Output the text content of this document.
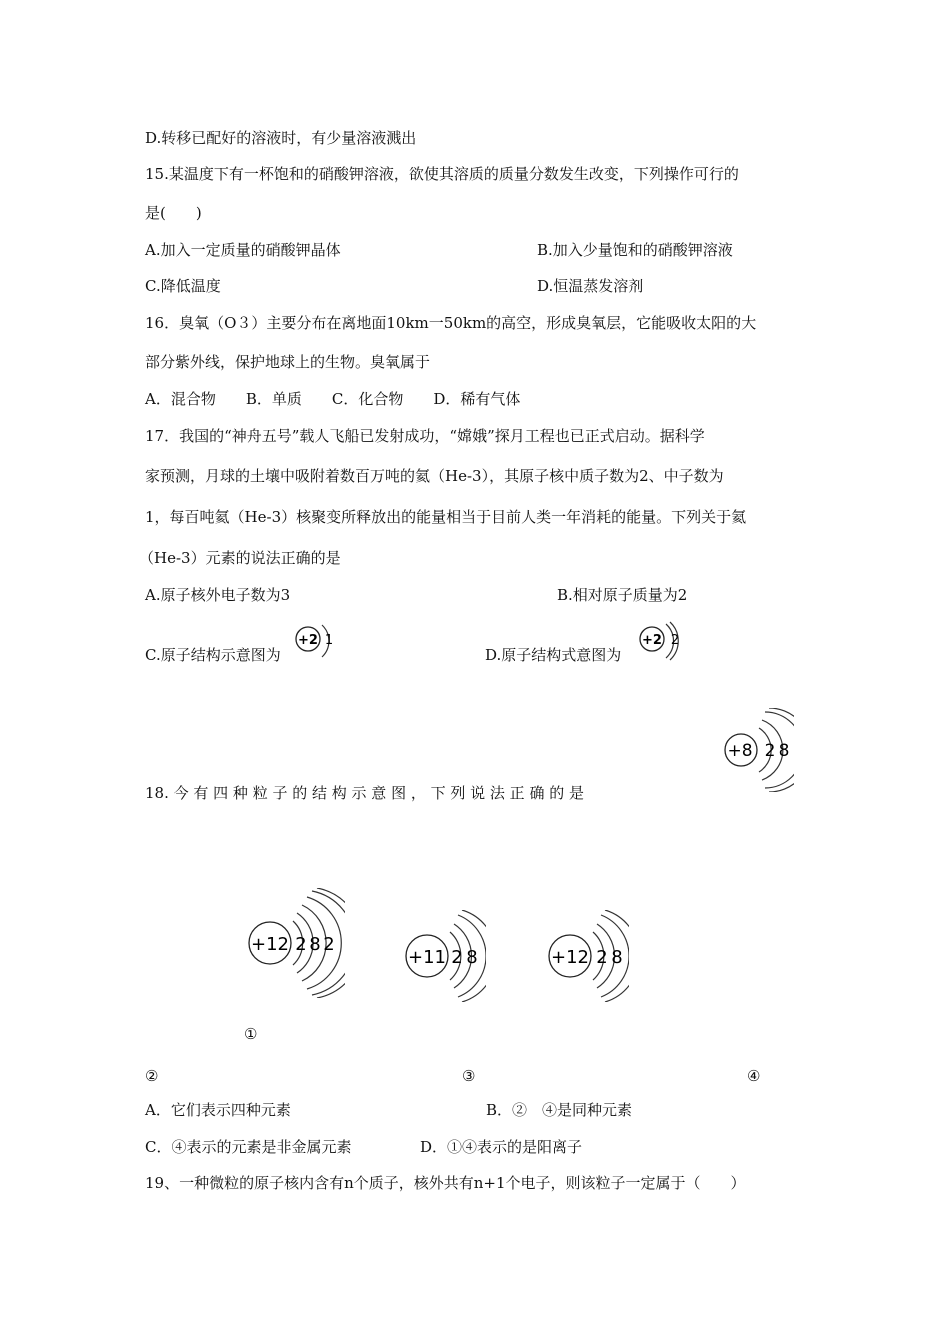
D.转移已配好的溶液时，有少量溶液溅出
15.某温度下有一杯饱和的硝酸钾溶液，欲使其溶质的质量分数发生改变，下列操作可行的
是(　　)
A.加入一定质量的硝酸钾晶体	B.加入少量饱和的硝酸钾溶液
C.降低温度	D.恒温蒸发溶剂
16．臭氧（О３）主要分布在离地面10km一50km的高空，形成臭氧层，它能吸收太阳的大
部分紫外线，保护地球上的生物。臭氧属于
A．混合物　　B．单质　　C．化合物　　D．稀有气体
17．我国的“神舟五号”载人飞船已发射成功，“嫦娥”探月工程也已正式启动。据科学
家预测，月球的土壤中吸附着数百万吨的氦（He-3），其原子核中质子数为2、中子数为
1，每百吨氦（He-3）核聚变所释放出的能量相当于目前人类一年消耗的能量。下列关于氦
（He-3）元素的说法正确的是
A.原子核外电子数为3	B.相对原子质量为2
C.原子结构示意图为	D.原子结构式意图为
+2 1	+2 2
+8 2 8
18. 今 有 四 种 粒 子 的 结 构 示 意 图 ， 下 列 说 法 正 确 的 是
+12 2 8 2
+11 2 8	+12 2 8
①
②	③	④
A．它们表示四种元素	B．②　④是同种元素
C．④表示的元素是非金属元素	D．①④表示的是阳离子
19、一种微粒的原子核内含有n个质子，核外共有n+1个电子，则该粒子一定属于（　　）
